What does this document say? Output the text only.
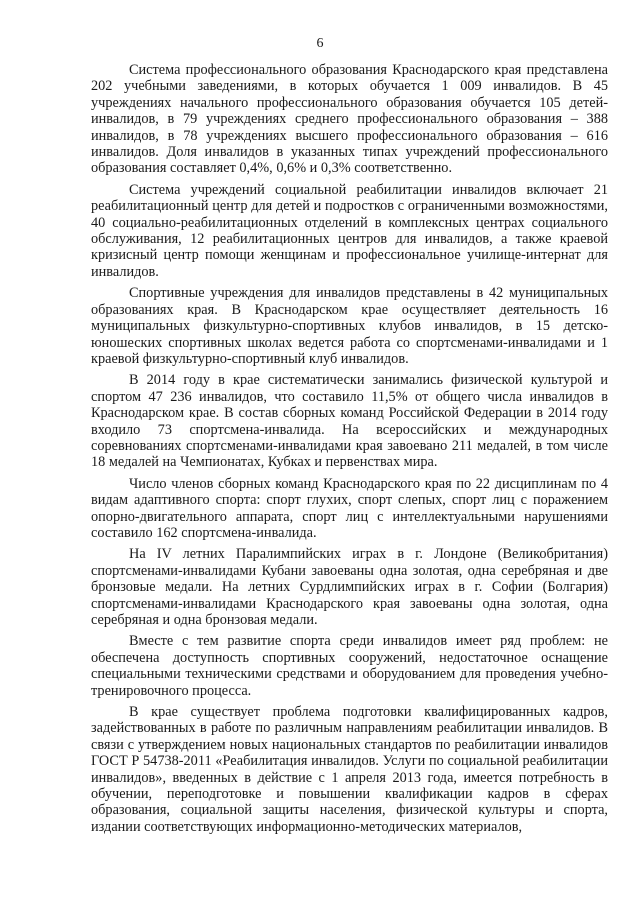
6

Система профессионального образования Краснодарского края представлена 202 учебными заведениями, в которых обучается 1 009 инвалидов. В 45 учреждениях начального профессионального образования обучается 105 детей-инвалидов, в 79 учреждениях среднего профессионального образования – 388 инвалидов, в 78 учреждениях высшего профессионального образования – 616 инвалидов. Доля инвалидов в указанных типах учреждений профессионального образования составляет 0,4%, 0,6% и 0,3% соответственно.

Система учреждений социальной реабилитации инвалидов включает 21 реабилитационный центр для детей и подростков с ограниченными возможностями, 40 социально-реабилитационных отделений в комплексных центрах социального обслуживания, 12 реабилитационных центров для инвалидов, а также краевой кризисный центр помощи женщинам и профессиональное училище-интернат для инвалидов.

Спортивные учреждения для инвалидов представлены в 42 муниципальных образованиях края. В Краснодарском крае осуществляет деятельность 16 муниципальных физкультурно-спортивных клубов инвалидов, в 15 детско-юношеских спортивных школах ведется работа со спортсменами-инвалидами и 1 краевой физкультурно-спортивный клуб инвалидов.

В 2014 году в крае систематически занимались физической культурой и спортом 47 236 инвалидов, что составило 11,5% от общего числа инвалидов в Краснодарском крае. В состав сборных команд Российской Федерации в 2014 году входило 73 спортсмена-инвалида. На всероссийских и международных соревнованиях спортсменами-инвалидами края завоевано 211 медалей, в том числе 18 медалей на Чемпионатах, Кубках и первенствах мира.

Число членов сборных команд Краснодарского края по 22 дисциплинам по 4 видам адаптивного спорта: спорт глухих, спорт слепых, спорт лиц с поражением опорно-двигательного аппарата, спорт лиц с интеллектуальными нарушениями составило 162 спортсмена-инвалида.

На IV летних Паралимпийских играх в г. Лондоне (Великобритания) спортсменами-инвалидами Кубани завоеваны одна золотая, одна серебряная и две бронзовые медали. На летних Сурдлимпийских играх в г. Софии (Болгария) спортсменами-инвалидами Краснодарского края завоеваны одна золотая, одна серебряная и одна бронзовая медали.

Вместе с тем развитие спорта среди инвалидов имеет ряд проблем: не обеспечена доступность спортивных сооружений, недостаточное оснащение специальными техническими средствами и оборудованием для проведения учебно-тренировочного процесса.

В крае существует проблема подготовки квалифицированных кадров, задействованных в работе по различным направлениям реабилитации инвалидов. В связи с утверждением новых национальных стандартов по реабилитации инвалидов ГОСТ Р 54738-2011 «Реабилитация инвалидов. Услуги по социальной реабилитации инвалидов», введенных в действие с 1 апреля 2013 года, имеется потребность в обучении, переподготовке и повышении квалификации кадров в сферах образования, социальной защиты населения, физической культуры и спорта, издании соответствующих информационно-методических материалов,
